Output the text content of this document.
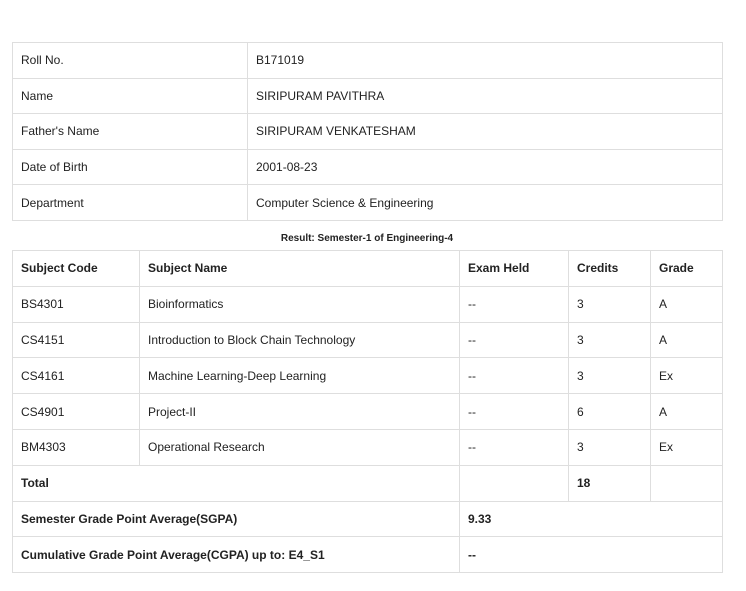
Roll No.	B171019
Name	SIRIPURAM PAVITHRA
Father's Name	SIRIPURAM VENKATESHAM
Date of Birth	2001-08-23
Department	Computer Science & Engineering
Result: Semester-1 of Engineering-4
Subject Code	Subject Name	Exam Held	Credits	Grade
BS4301	Bioinformatics	--	3	A
CS4151	Introduction to Block Chain Technology	--	3	A
CS4161	Machine Learning-Deep Learning	--	3	Ex
CS4901	Project-II	--	6	A
BM4303	Operational Research	--	3	Ex
Total			18	
Semester Grade Point Average(SGPA)		9.33		
Cumulative Grade Point Average(CGPA) up to: E4_S1		--		
